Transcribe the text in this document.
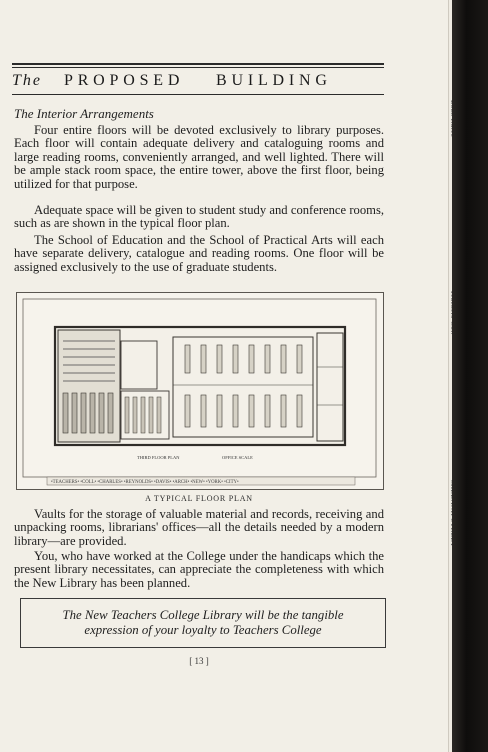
The	PROPOSED	BUILDING
The Interior Arrangements

Four entire floors will be devoted exclusively to library purposes. Each floor will contain adequate delivery and cataloguing rooms and large reading rooms, conveniently arranged, and well lighted. There will be ample stack room space, the entire tower, above the first floor, being utilized for that purpose.

Adequate space will be given to student study and conference rooms, such as are shown in the typical floor plan.

The School of Education and the School of Practical Arts will each have separate delivery, catalogue and reading rooms. One floor will be assigned exclusively to the use of graduate students.

THIRD FLOOR PLAN	OFFICE SCALE
•TEACHERS• •COLL• •CHARLES• •REYNOLDS• •DAVIS• •ARCH• •NEW• •YORK• •CITY•
A TYPICAL FLOOR PLAN

Vaults for the storage of valuable material and records, receiving and unpacking rooms, librarians' offices—all the details needed by a modern library—are provided.

You, who have worked at the College under the handicaps which the present library necessitates, can appreciate the completeness with which the New Library has been planned.

The New Teachers College Library will be the tangible
expression of your loyalty to Teachers College
[ 13 ]
